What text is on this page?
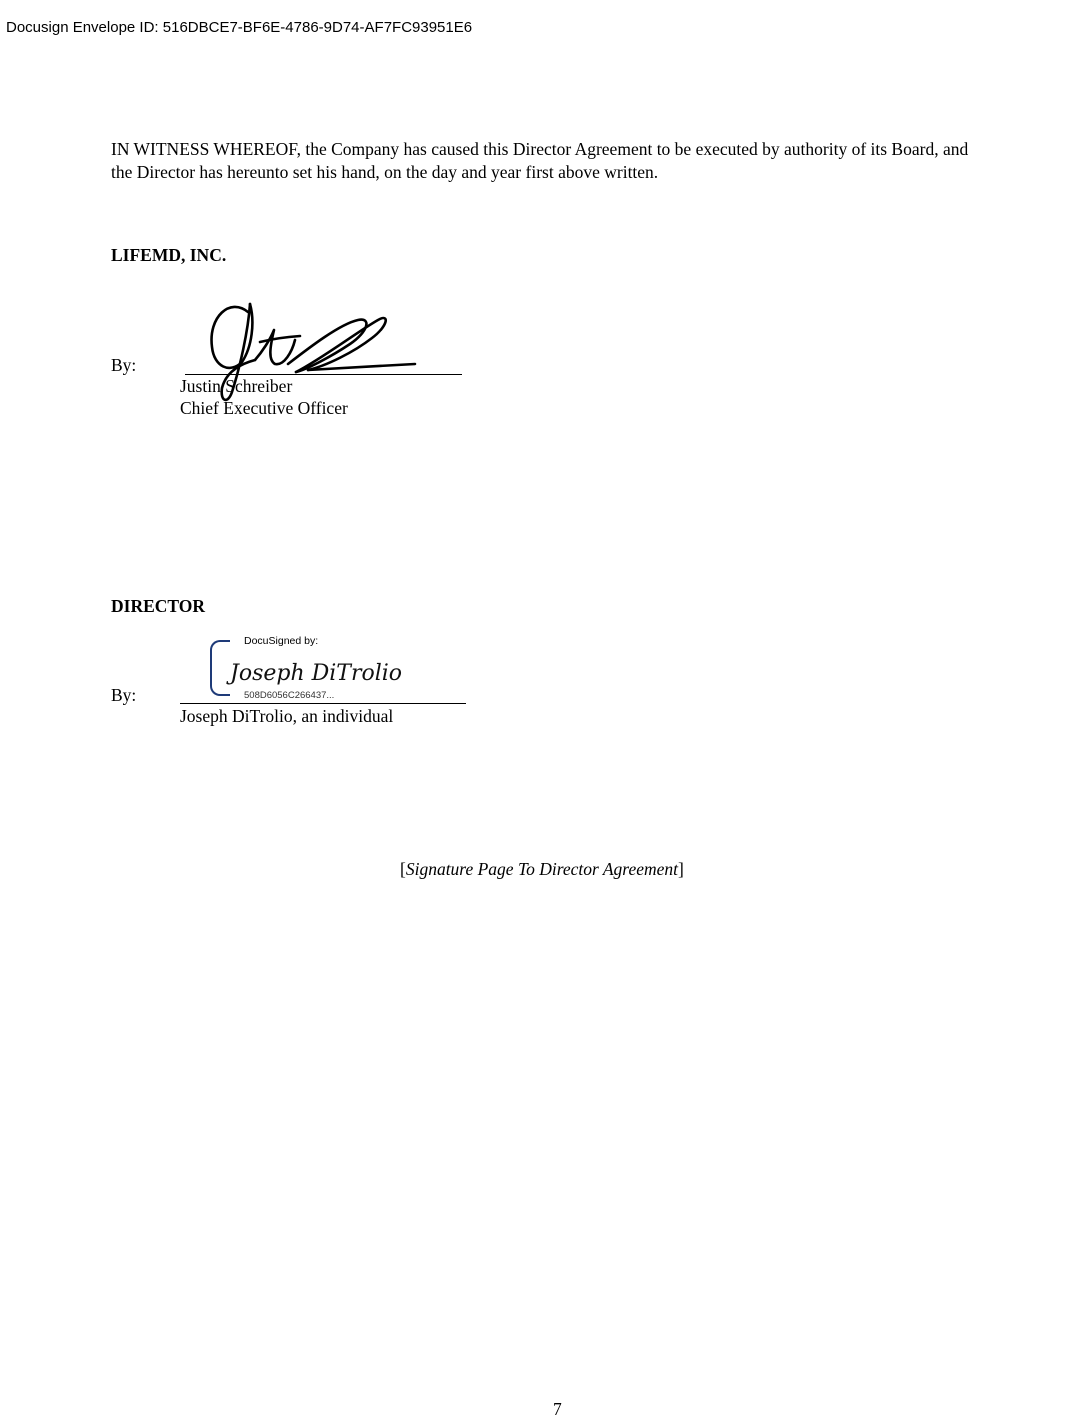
Docusign Envelope ID: 516DBCE7-BF6E-4786-9D74-AF7FC93951E6

IN WITNESS WHEREOF, the Company has caused this Director Agreement to be executed by authority of its Board, and the Director has hereunto set his hand, on the day and year first above written.

LIFEMD, INC.
By:
Justin Schreiber
Chief Executive Officer
DIRECTOR
By:
DocuSigned by:
Joseph DiTrolio
508D6056C266437...
Joseph DiTrolio, an individual
[Signature Page To Director Agreement]
7
